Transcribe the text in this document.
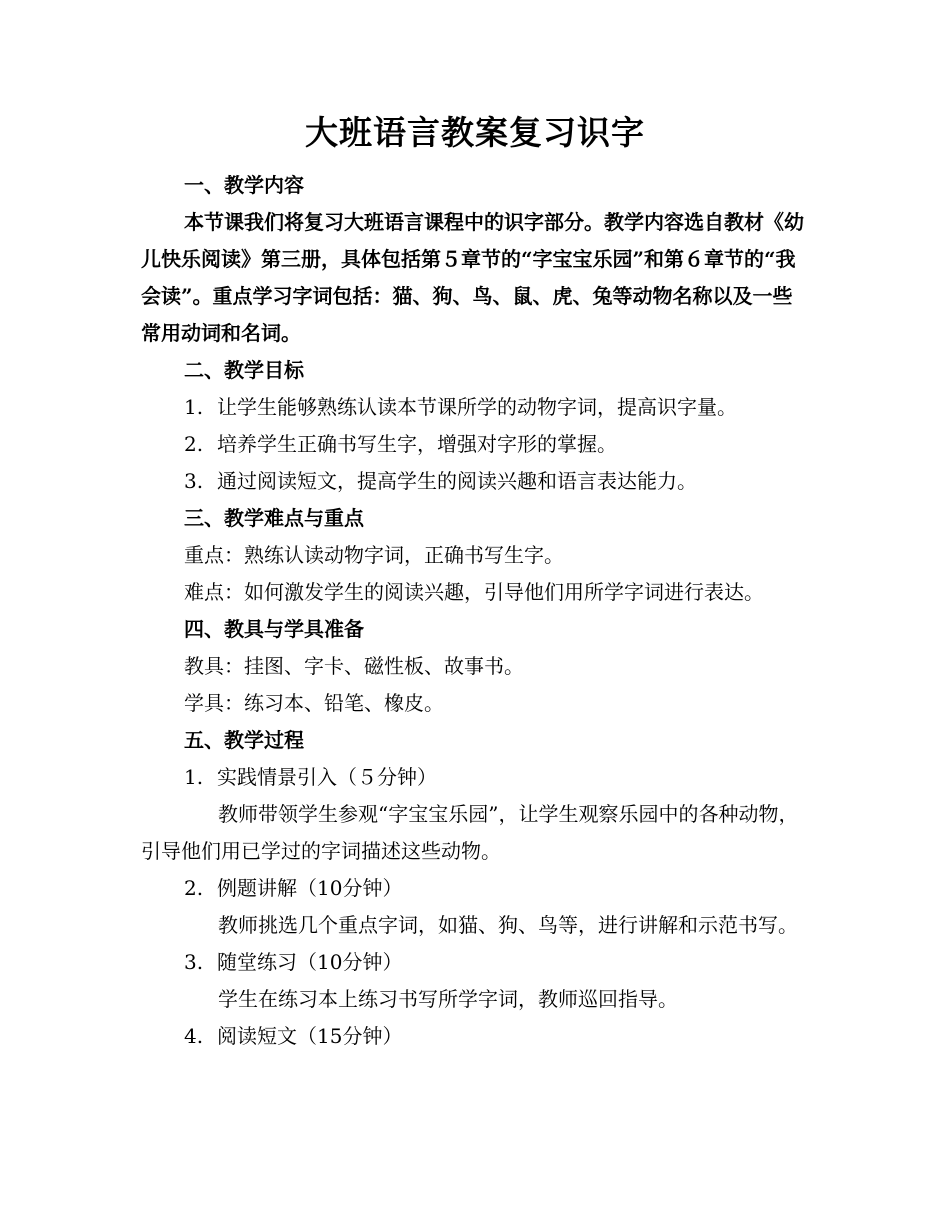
大班语言教案复习识字
一、教学内容
本节课我们将复习大班语言课程中的识字部分。教学内容选自教材《幼儿快乐阅读》第三册，具体包括第５章节的“字宝宝乐园”和第６章节的“我会读”。重点学习字词包括：猫、狗、鸟、鼠、虎、兔等动物名称以及一些常用动词和名词。
二、教学目标
1. 让学生能够熟练认读本节课所学的动物字词，提高识字量。
2. 培养学生正确书写生字，增强对字形的掌握。
3. 通过阅读短文，提高学生的阅读兴趣和语言表达能力。
三、教学难点与重点
重点：熟练认读动物字词，正确书写生字。
难点：如何激发学生的阅读兴趣，引导他们用所学字词进行表达。
四、教具与学具准备
教具：挂图、字卡、磁性板、故事书。
学具：练习本、铅笔、橡皮。
五、教学过程
1. 实践情景引入（５分钟）
教师带领学生参观“字宝宝乐园”，让学生观察乐园中的各种动物，引导他们用已学过的字词描述这些动物。
2. 例题讲解（10分钟）
教师挑选几个重点字词，如猫、狗、鸟等，进行讲解和示范书写。
3. 随堂练习（10分钟）
学生在练习本上练习书写所学字词，教师巡回指导。
4. 阅读短文（15分钟）
